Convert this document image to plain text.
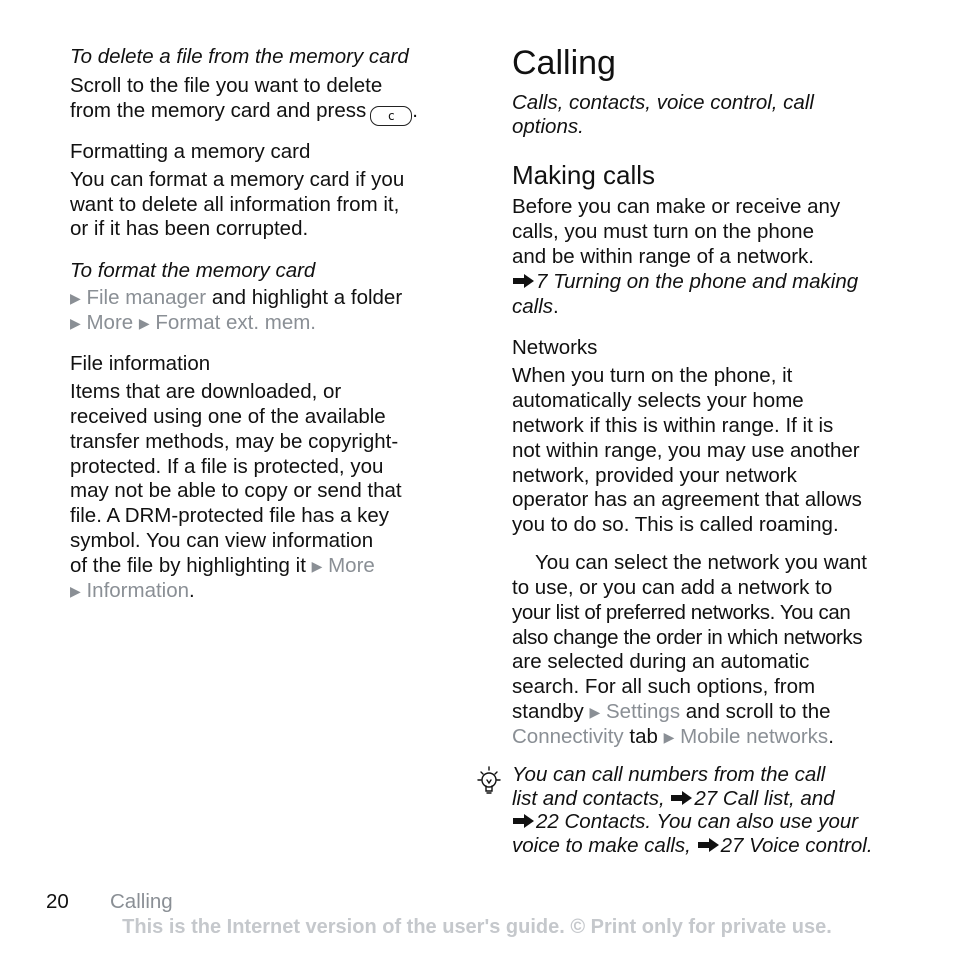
To delete a file from the memory card
Scroll to the file you want to delete
from the memory card and press c .
Formatting a memory card
You can format a memory card if you
want to delete all information from it,
or if it has been corrupted.
To format the memory card
▶ File manager and highlight a folder
▶ More ▶ Format ext. mem.
File information
Items that are downloaded, or
received using one of the available
transfer methods, may be copyright-
protected. If a file is protected, you
may not be able to copy or send that
file. A DRM-protected file has a key
symbol. You can view information
of the file by highlighting it ▶ More
▶ Information.
Calling
Calls, contacts, voice control, call
options.
Making calls
Before you can make or receive any
calls, you must turn on the phone
and be within range of a network.
7 Turning on the phone and making
calls.
Networks
When you turn on the phone, it
automatically selects your home
network if this is within range. If it is
not within range, you may use another
network, provided your network
operator has an agreement that allows
you to do so. This is called roaming.
You can select the network you want
to use, or you can add a network to
your list of preferred networks. You can
also change the order in which networks
are selected during an automatic
search. For all such options, from
standby ▶ Settings and scroll to the
Connectivity tab ▶ Mobile networks.
You can call numbers from the call
list and contacts, 27 Call list, and
22 Contacts. You can also use your
voice to make calls, 27 Voice control.
20 Calling
This is the Internet version of the user's guide. © Print only for private use.
